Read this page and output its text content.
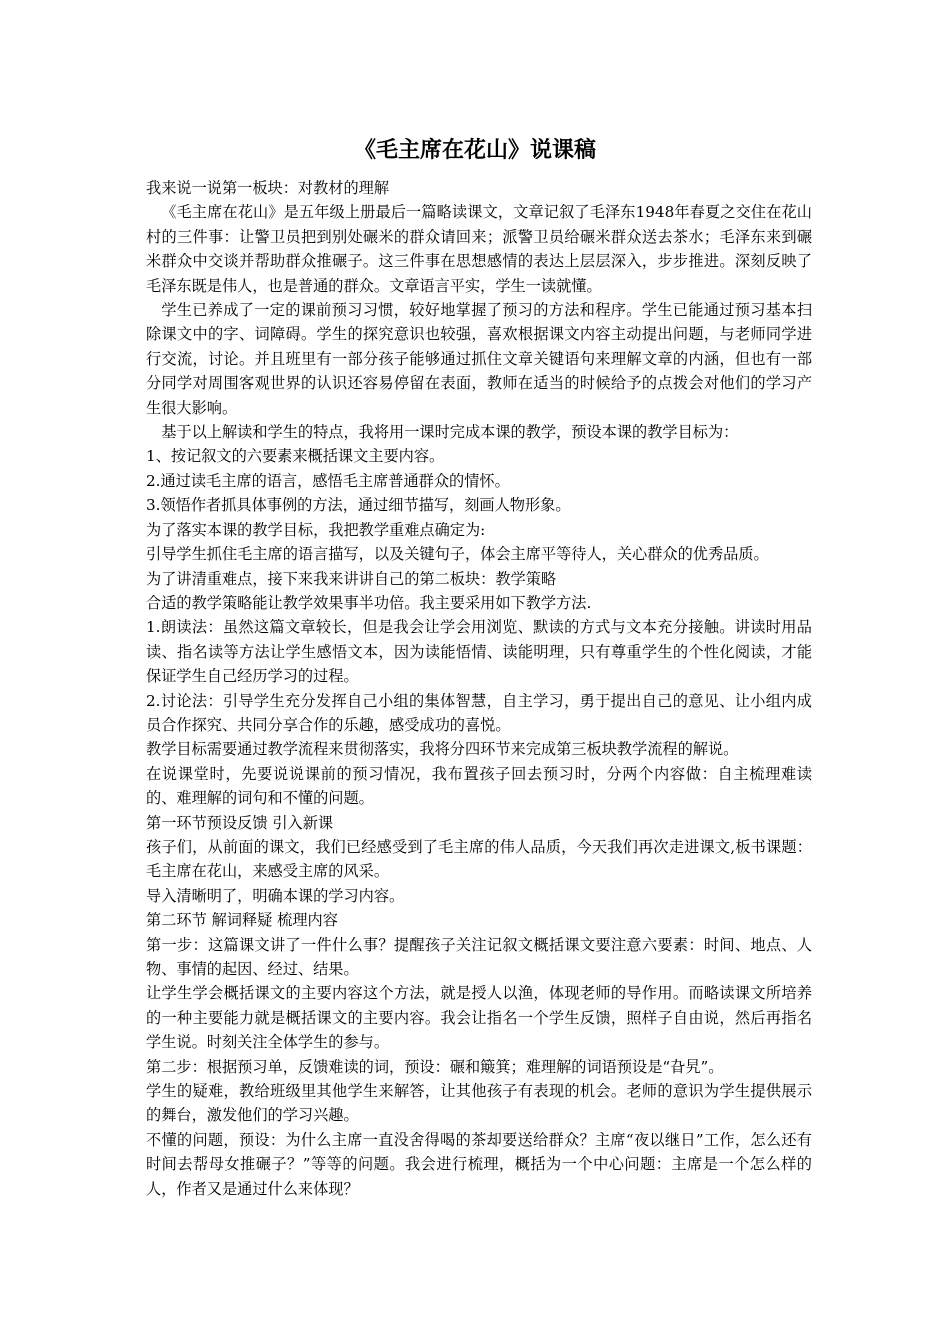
《毛主席在花山》说课稿

我来说一说第一板块：对教材的理解

《毛主席在花山》是五年级上册最后一篇略读课文，文章记叙了毛泽东1948年春夏之交住在花山村的三件事：让警卫员把到别处碾米的群众请回来；派警卫员给碾米群众送去茶水；毛泽东来到碾米群众中交谈并帮助群众推碾子。这三件事在思想感情的表达上层层深入，步步推进。深刻反映了毛泽东既是伟人，也是普通的群众。文章语言平实，学生一读就懂。

学生已养成了一定的课前预习习惯，较好地掌握了预习的方法和程序。学生已能通过预习基本扫除课文中的字、词障碍。学生的探究意识也较强，喜欢根据课文内容主动提出问题，与老师同学进行交流，讨论。并且班里有一部分孩子能够通过抓住文章关键语句来理解文章的内涵，但也有一部分同学对周围客观世界的认识还容易停留在表面，教师在适当的时候给予的点拨会对他们的学习产生很大影响。

基于以上解读和学生的特点，我将用一课时完成本课的教学，预设本课的教学目标为：

1、按记叙文的六要素来概括课文主要内容。

2.通过读毛主席的语言，感悟毛主席普通群众的情怀。

3.领悟作者抓具体事例的方法，通过细节描写，刻画人物形象。

为了落实本课的教学目标，我把教学重难点确定为:

引导学生抓住毛主席的语言描写，以及关键句子，体会主席平等待人，关心群众的优秀品质。

为了讲清重难点，接下来我来讲讲自己的第二板块：教学策略

合适的教学策略能让教学效果事半功倍。我主要采用如下教学方法.

1.朗读法：虽然这篇文章较长，但是我会让学会用浏览、默读的方式与文本充分接触。讲读时用品读、指名读等方法让学生感悟文本，因为读能悟情、读能明理，只有尊重学生的个性化阅读，才能保证学生自己经历学习的过程。

2.讨论法：引导学生充分发挥自己小组的集体智慧，自主学习，勇于提出自己的意见、让小组内成员合作探究、共同分享合作的乐趣，感受成功的喜悦。

教学目标需要通过教学流程来贯彻落实，我将分四环节来完成第三板块教学流程的解说。

在说课堂时，先要说说课前的预习情况，我布置孩子回去预习时，分两个内容做：自主梳理难读的、难理解的词句和不懂的问题。

第一环节预设反馈 引入新课

孩子们，从前面的课文，我们已经感受到了毛主席的伟人品质，今天我们再次走进课文,板书课题：毛主席在花山，来感受主席的风采。

导入清晰明了，明确本课的学习内容。

第二环节 解词释疑 梳理内容

第一步：这篇课文讲了一件什么事？提醒孩子关注记叙文概括课文要注意六要素：时间、地点、人物、事情的起因、经过、结果。

让学生学会概括课文的主要内容这个方法，就是授人以渔，体现老师的导作用。而略读课文所培养的一种主要能力就是概括课文的主要内容。我会让指名一个学生反馈，照样子自由说，然后再指名学生说。时刻关注全体学生的参与。

第二步：根据预习单，反馈难读的词，预设：碾和簸箕；难理解的词语预设是“旮旯”。

学生的疑难，教给班级里其他学生来解答，让其他孩子有表现的机会。老师的意识为学生提供展示的舞台，激发他们的学习兴趣。

不懂的问题，预设：为什么主席一直没舍得喝的茶却要送给群众？主席“夜以继日”工作，怎么还有时间去帮母女推碾子？”等等的问题。我会进行梳理，概括为一个中心问题：主席是一个怎么样的人，作者又是通过什么来体现？
